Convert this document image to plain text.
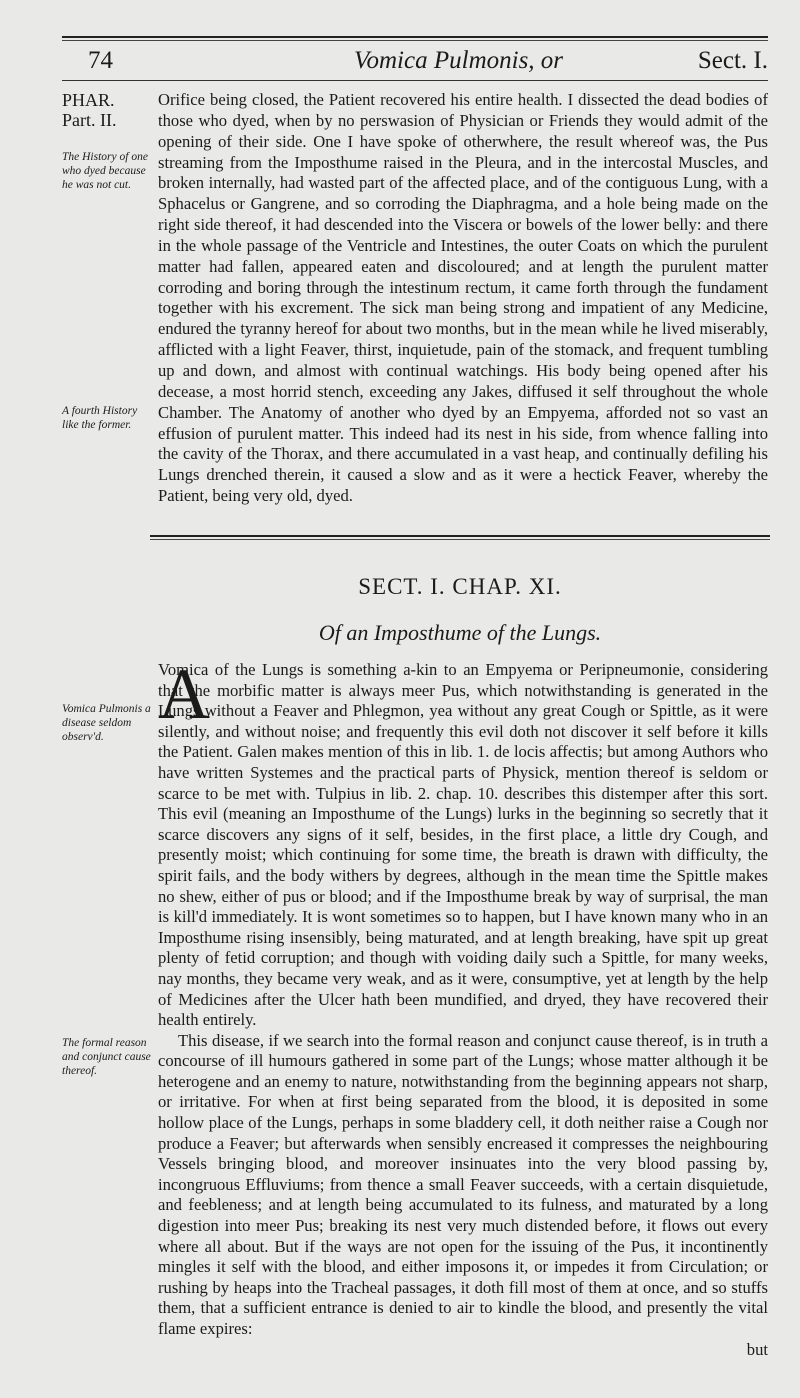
74	Vomica Pulmonis, or	Sect. I.
PHAR.
Part. II.
The History of one who dyed because he was not cut.
A fourth History like the former.
Vomica Pulmonis a disease seldom observ'd.
The formal reason and conjunct cause thereof.

Orifice being closed, the Patient recovered his entire health. I dissected the dead bodies of those who dyed, when by no perswasion of Physician or Friends they would admit of the opening of their side. One I have spoke of otherwhere, the result whereof was, the Pus streaming from the Imposthume raised in the Pleura, and in the intercostal Muscles, and broken internally, had wasted part of the affected place, and of the contiguous Lung, with a Sphacelus or Gangrene, and so corroding the Diaphragma, and a hole being made on the right side thereof, it had descended into the Viscera or bowels of the lower belly: and there in the whole passage of the Ventricle and Intestines, the outer Coats on which the purulent matter had fallen, appeared eaten and discoloured; and at length the purulent matter corroding and boring through the intestinum rectum, it came forth through the fundament together with his excrement. The sick man being strong and impatient of any Medicine, endured the tyranny hereof for about two months, but in the mean while he lived miserably, afflicted with a light Feaver, thirst, inquietude, pain of the stomack, and frequent tumbling up and down, and almost with continual watchings. His body being opened after his decease, a most horrid stench, exceeding any Jakes, diffused it self throughout the whole Chamber. The Anatomy of another who dyed by an Empyema, afforded not so vast an effusion of purulent matter. This indeed had its nest in his side, from whence falling into the cavity of the Thorax, and there accumulated in a vast heap, and continually defiling his Lungs drenched therein, it caused a slow and as it were a hectick Feaver, whereby the Patient, being very old, dyed.

SECT. I. CHAP. XI.
Of an Imposthume of the Lungs.
A

Vomica of the Lungs is something a-kin to an Empyema or Peripneumonie, considering that the morbific matter is always meer Pus, which notwithstanding is generated in the Lungs without a Feaver and Phlegmon, yea without any great Cough or Spittle, as it were silently, and without noise; and frequently this evil doth not discover it self before it kills the Patient. Galen makes mention of this in lib. 1. de locis affectis; but among Authors who have written Systemes and the practical parts of Physick, mention thereof is seldom or scarce to be met with. Tulpius in lib. 2. chap. 10. describes this distemper after this sort. This evil (meaning an Imposthume of the Lungs) lurks in the beginning so secretly that it scarce discovers any signs of it self, besides, in the first place, a little dry Cough, and presently moist; which continuing for some time, the breath is drawn with difficulty, the spirit fails, and the body withers by degrees, although in the mean time the Spittle makes no shew, either of pus or blood; and if the Imposthume break by way of surprisal, the man is kill'd immediately. It is wont sometimes so to happen, but I have known many who in an Imposthume rising insensibly, being maturated, and at length breaking, have spit up great plenty of fetid corruption; and though with voiding daily such a Spittle, for many weeks, nay months, they became very weak, and as it were, consumptive, yet at length by the help of Medicines after the Ulcer hath been mundified, and dryed, they have recovered their health entirely.

This disease, if we search into the formal reason and conjunct cause thereof, is in truth a concourse of ill humours gathered in some part of the Lungs; whose matter although it be heterogene and an enemy to nature, notwithstanding from the beginning appears not sharp, or irritative. For when at first being separated from the blood, it is deposited in some hollow place of the Lungs, perhaps in some bladdery cell, it doth neither raise a Cough nor produce a Feaver; but afterwards when sensibly encreased it compresses the neighbouring Vessels bringing blood, and moreover insinuates into the very blood passing by, incongruous Effluviums; from thence a small Feaver succeeds, with a certain disquietude, and feebleness; and at length being accumulated to its fulness, and maturated by a long digestion into meer Pus; breaking its nest very much distended before, it flows out every where all about. But if the ways are not open for the issuing of the Pus, it incontinently mingles it self with the blood, and either imposons it, or impedes it from Circulation; or rushing by heaps into the Tracheal passages, it doth fill most of them at once, and so stuffs them, that a sufficient entrance is denied to air to kindle the blood, and presently the vital flame expires:

but
